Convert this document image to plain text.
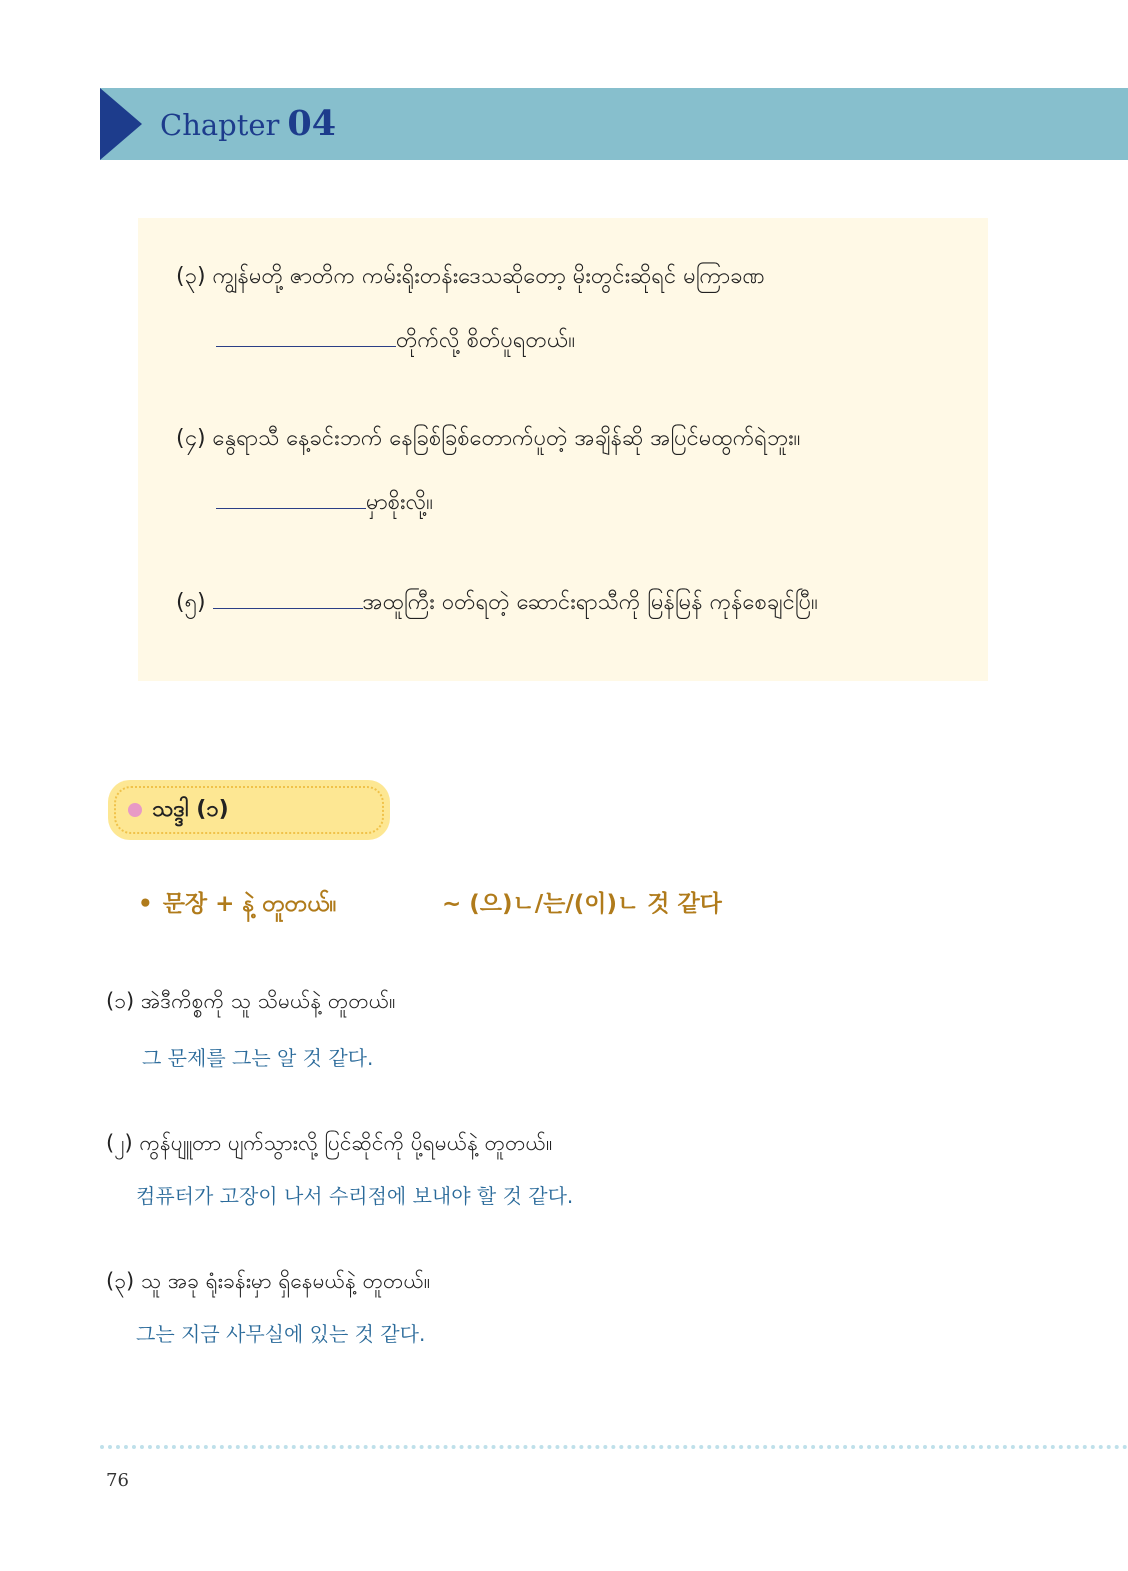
Chapter 04
(၃) ကျွန်မတို့ ဇာတိက ကမ်းရိုးတန်းဒေသဆိုတော့ မိုးတွင်းဆိုရင် မကြာခဏ
တိုက်လို့ စိတ်ပူရတယ်။
(၄) နွေရာသီ နေ့ခင်းဘက် နေခြစ်ခြစ်တောက်ပူတဲ့ အချိန်ဆို အပြင်မထွက်ရဲဘူး။
မှာစိုးလို့။
(၅)	အထူကြီး ဝတ်ရတဲ့ ဆောင်းရာသီကို မြန်မြန် ကုန်စေချင်ပြီ။
သဒ္ဒါ (၁)
• 문장 + နဲ့ တူတယ်။	~ (으)ㄴ/는/(이)ㄴ 것 같다
(၁) အဲဒီကိစ္စကို သူ သိမယ်နဲ့ တူတယ်။
그 문제를 그는 알 것 같다.
(၂) ကွန်ပျူတာ ပျက်သွားလို့ ပြင်ဆိုင်ကို ပို့ရမယ်နဲ့ တူတယ်။
컴퓨터가 고장이 나서 수리점에 보내야 할 것 같다.
(၃) သူ အခု ရုံးခန်းမှာ ရှိနေမယ်နဲ့ တူတယ်။
그는 지금 사무실에 있는 것 같다.
76
